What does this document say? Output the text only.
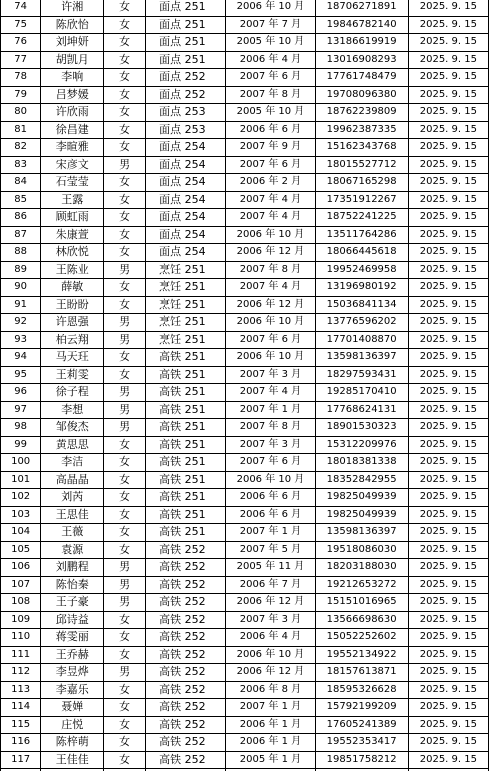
74	许湘	女	面点 251	2006 年 10 月	18706271891	2025. 9. 15
75	陈欣怡	女	面点 251	2007 年 7 月	19846782140	2025. 9. 15
76	刘坤妍	女	面点 251	2005 年 10 月	13186619919	2025. 9. 15
77	胡凯月	女	面点 251	2006 年 4 月	13016908293	2025. 9. 15
78	李响	女	面点 252	2007 年 6 月	17761748479	2025. 9. 15
79	吕梦媛	女	面点 252	2007 年 8 月	19708096380	2025. 9. 15
80	许欣雨	女	面点 253	2005 年 10 月	18762239809	2025. 9. 15
81	徐昌建	女	面点 253	2006 年 6 月	19962387335	2025. 9. 15
82	李暄雅	女	面点 254	2007 年 9 月	15162343768	2025. 9. 15
83	宋彦文	男	面点 254	2007 年 6 月	18015527712	2025. 9. 15
84	石莹莹	女	面点 254	2006 年 2 月	18067165298	2025. 9. 15
85	王露	女	面点 254	2007 年 4 月	17351912267	2025. 9. 15
86	顾虹雨	女	面点 254	2007 年 4 月	18752241225	2025. 9. 15
87	朱康萱	女	面点 254	2006 年 10 月	13511764286	2025. 9. 15
88	林欣悦	女	面点 254	2006 年 12 月	18066445618	2025. 9. 15
89	王陈业	男	烹饪 251	2007 年 8 月	19952469958	2025. 9. 15
90	薛敏	女	烹饪 251	2007 年 4 月	13196980192	2025. 9. 15
91	王盼盼	女	烹饪 251	2006 年 12 月	15036841134	2025. 9. 15
92	许恩强	男	烹饪 251	2006 年 10 月	13776596202	2025. 9. 15
93	柏云翔	男	烹饪 251	2007 年 6 月	17701408870	2025. 9. 15
94	马天玨	女	高铁 251	2006 年 10 月	13598136397	2025. 9. 15
95	王莉雯	女	高铁 251	2007 年 3 月	18297593431	2025. 9. 15
96	徐子程	男	高铁 251	2007 年 4 月	19285170410	2025. 9. 15
97	李想	男	高铁 251	2007 年 1 月	17768624131	2025. 9. 15
98	邹俊杰	男	高铁 251	2007 年 8 月	18901530323	2025. 9. 15
99	黄思思	女	高铁 251	2007 年 3 月	15312209976	2025. 9. 15
100	李洁	女	高铁 251	2007 年 6 月	18018381338	2025. 9. 15
101	高晶晶	女	高铁 251	2006 年 10 月	18352842955	2025. 9. 15
102	刘芮	女	高铁 251	2006 年 6 月	19825049939	2025. 9. 15
103	王思佳	女	高铁 251	2006 年 6 月	19825049939	2025. 9. 15
104	王薇	女	高铁 251	2007 年 1 月	13598136397	2025. 9. 15
105	袁源	女	高铁 252	2007 年 5 月	19518086030	2025. 9. 15
106	刘鹏程	男	高铁 252	2005 年 11 月	18203188030	2025. 9. 15
107	陈怡秦	男	高铁 252	2006 年 7 月	19212653272	2025. 9. 15
108	王子豪	男	高铁 252	2006 年 12 月	15151016965	2025. 9. 15
109	邱诗益	女	高铁 252	2007 年 3 月	13566698630	2025. 9. 15
110	蒋雯丽	女	高铁 252	2006 年 4 月	15052252602	2025. 9. 15
111	王乔赫	女	高铁 252	2006 年 10 月	19552134922	2025. 9. 15
112	李昱烨	男	高铁 252	2006 年 12 月	18157613871	2025. 9. 15
113	李嘉乐	女	高铁 252	2006 年 8 月	18595326628	2025. 9. 15
114	聂婵	女	高铁 252	2007 年 1 月	15792199209	2025. 9. 15
115	庄悦	女	高铁 252	2006 年 1 月	17605241389	2025. 9. 15
116	陈梓萌	女	高铁 252	2006 年 1 月	19552353417	2025. 9. 15
117	王佳佳	女	高铁 252	2005 年 1 月	19851758212	2025. 9. 15
